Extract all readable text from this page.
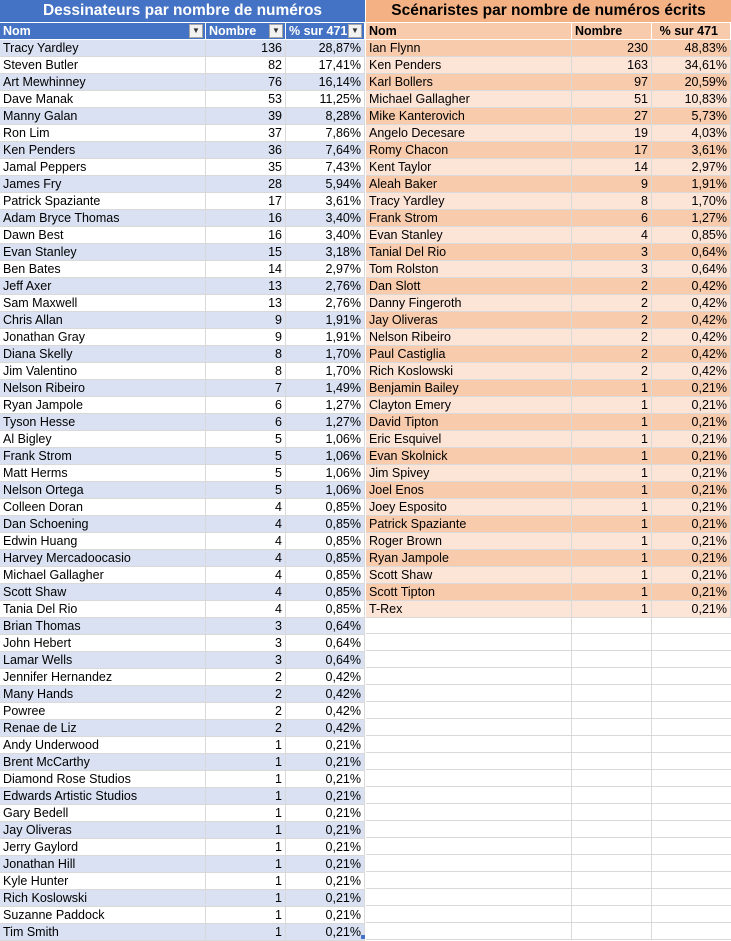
Dessinateurs par nombre de numéros
Nom	▼ Nombre	▼ % sur 471 ▼
Tracy Yardley	136	28,87%
Steven Butler	82	17,41%
Art Mewhinney	76	16,14%
Dave Manak	53	11,25%
Manny Galan	39	8,28%
Ron Lim	37	7,86%
Ken Penders	36	7,64%
Jamal Peppers	35	7,43%
James Fry	28	5,94%
Patrick Spaziante	17	3,61%
Adam Bryce Thomas	16	3,40%
Dawn Best	16	3,40%
Evan Stanley	15	3,18%
Ben Bates	14	2,97%
Jeff Axer	13	2,76%
Sam Maxwell	13	2,76%
Chris Allan	9	1,91%
Jonathan Gray	9	1,91%
Diana Skelly	8	1,70%
Jim Valentino	8	1,70%
Nelson Ribeiro	7	1,49%
Ryan Jampole	6	1,27%
Tyson Hesse	6	1,27%
Al Bigley	5	1,06%
Frank Strom	5	1,06%
Matt Herms	5	1,06%
Nelson Ortega	5	1,06%
Colleen Doran	4	0,85%
Dan Schoening	4	0,85%
Edwin Huang	4	0,85%
Harvey Mercadoocasio	4	0,85%
Michael Gallagher	4	0,85%
Scott Shaw	4	0,85%
Tania Del Rio	4	0,85%
Brian Thomas	3	0,64%
John Hebert	3	0,64%
Lamar Wells	3	0,64%
Jennifer Hernandez	2	0,42%
Many Hands	2	0,42%
Powree	2	0,42%
Renae de Liz	2	0,42%
Andy Underwood	1	0,21%
Brent McCarthy	1	0,21%
Diamond Rose Studios	1	0,21%
Edwards Artistic Studios	1	0,21%
Gary Bedell	1	0,21%
Jay Oliveras	1	0,21%
Jerry Gaylord	1	0,21%
Jonathan Hill	1	0,21%
Kyle Hunter	1	0,21%
Rich Koslowski	1	0,21%
Suzanne Paddock	1	0,21%
Tim Smith	1	0,21%
Scénaristes par nombre de numéros écrits
Nom	Nombre	% sur 471
Ian Flynn	230	48,83%
Ken Penders	163	34,61%
Karl Bollers	97	20,59%
Michael Gallagher	51	10,83%
Mike Kanterovich	27	5,73%
Angelo Decesare	19	4,03%
Romy Chacon	17	3,61%
Kent Taylor	14	2,97%
Aleah Baker	9	1,91%
Tracy Yardley	8	1,70%
Frank Strom	6	1,27%
Evan Stanley	4	0,85%
Tanial Del Rio	3	0,64%
Tom Rolston	3	0,64%
Dan Slott	2	0,42%
Danny Fingeroth	2	0,42%
Jay Oliveras	2	0,42%
Nelson Ribeiro	2	0,42%
Paul Castiglia	2	0,42%
Rich Koslowski	2	0,42%
Benjamin Bailey	1	0,21%
Clayton Emery	1	0,21%
David Tipton	1	0,21%
Eric Esquivel	1	0,21%
Evan Skolnick	1	0,21%
Jim Spivey	1	0,21%
Joel Enos	1	0,21%
Joey Esposito	1	0,21%
Patrick Spaziante	1	0,21%
Roger Brown	1	0,21%
Ryan Jampole	1	0,21%
Scott Shaw	1	0,21%
Scott Tipton	1	0,21%
T-Rex	1	0,21%
